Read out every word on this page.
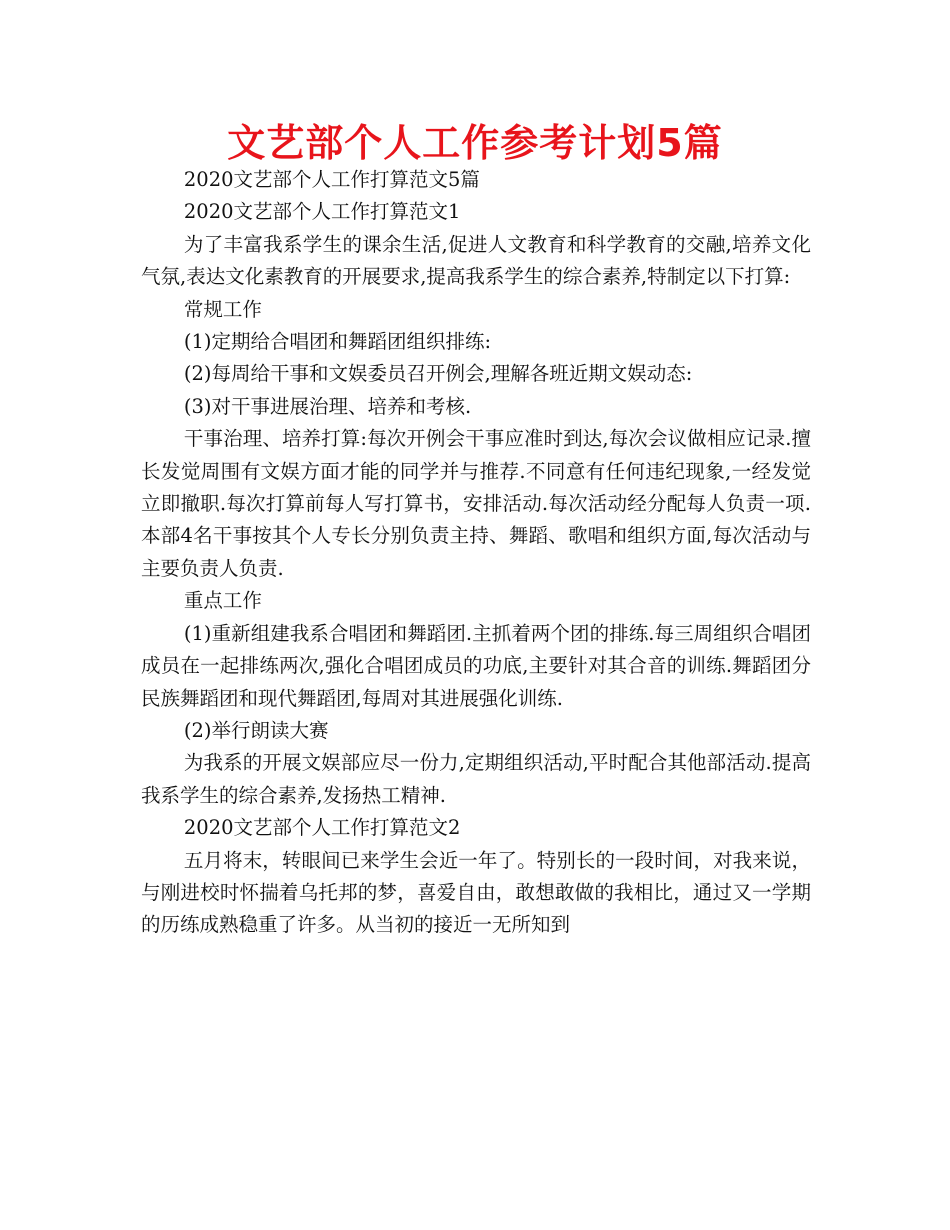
文艺部个人工作参考计划5篇

2020文艺部个人工作打算范文5篇

2020文艺部个人工作打算范文1

为了丰富我系学生的课余生活,促进人文教育和科学教育的交融,培养文化气氛,表达文化素教育的开展要求,提高我系学生的综合素养,特制定以下打算:

常规工作

(1)定期给合唱团和舞蹈团组织排练:

(2)每周给干事和文娱委员召开例会,理解各班近期文娱动态:

(3)对干事进展治理、培养和考核.

干事治理、培养打算:每次开例会干事应准时到达,每次会议做相应记录.擅长发觉周围有文娱方面才能的同学并与推荐.不同意有任何违纪现象,一经发觉立即撤职.每次打算前每人写打算书，安排活动.每次活动经分配每人负责一项.本部4名干事按其个人专长分别负责主持、舞蹈、歌唱和组织方面,每次活动与主要负责人负责.

重点工作

(1)重新组建我系合唱团和舞蹈团.主抓着两个团的排练.每三周组织合唱团成员在一起排练两次,强化合唱团成员的功底,主要针对其合音的训练.舞蹈团分民族舞蹈团和现代舞蹈团,每周对其进展强化训练.

(2)举行朗读大赛

为我系的开展文娱部应尽一份力,定期组织活动,平时配合其他部活动.提高我系学生的综合素养,发扬热工精神.

2020文艺部个人工作打算范文2

五月将末，转眼间已来学生会近一年了。特别长的一段时间，对我来说，与刚进校时怀揣着乌托邦的梦，喜爱自由，敢想敢做的我相比，通过又一学期的历练成熟稳重了许多。从当初的接近一无所知到
